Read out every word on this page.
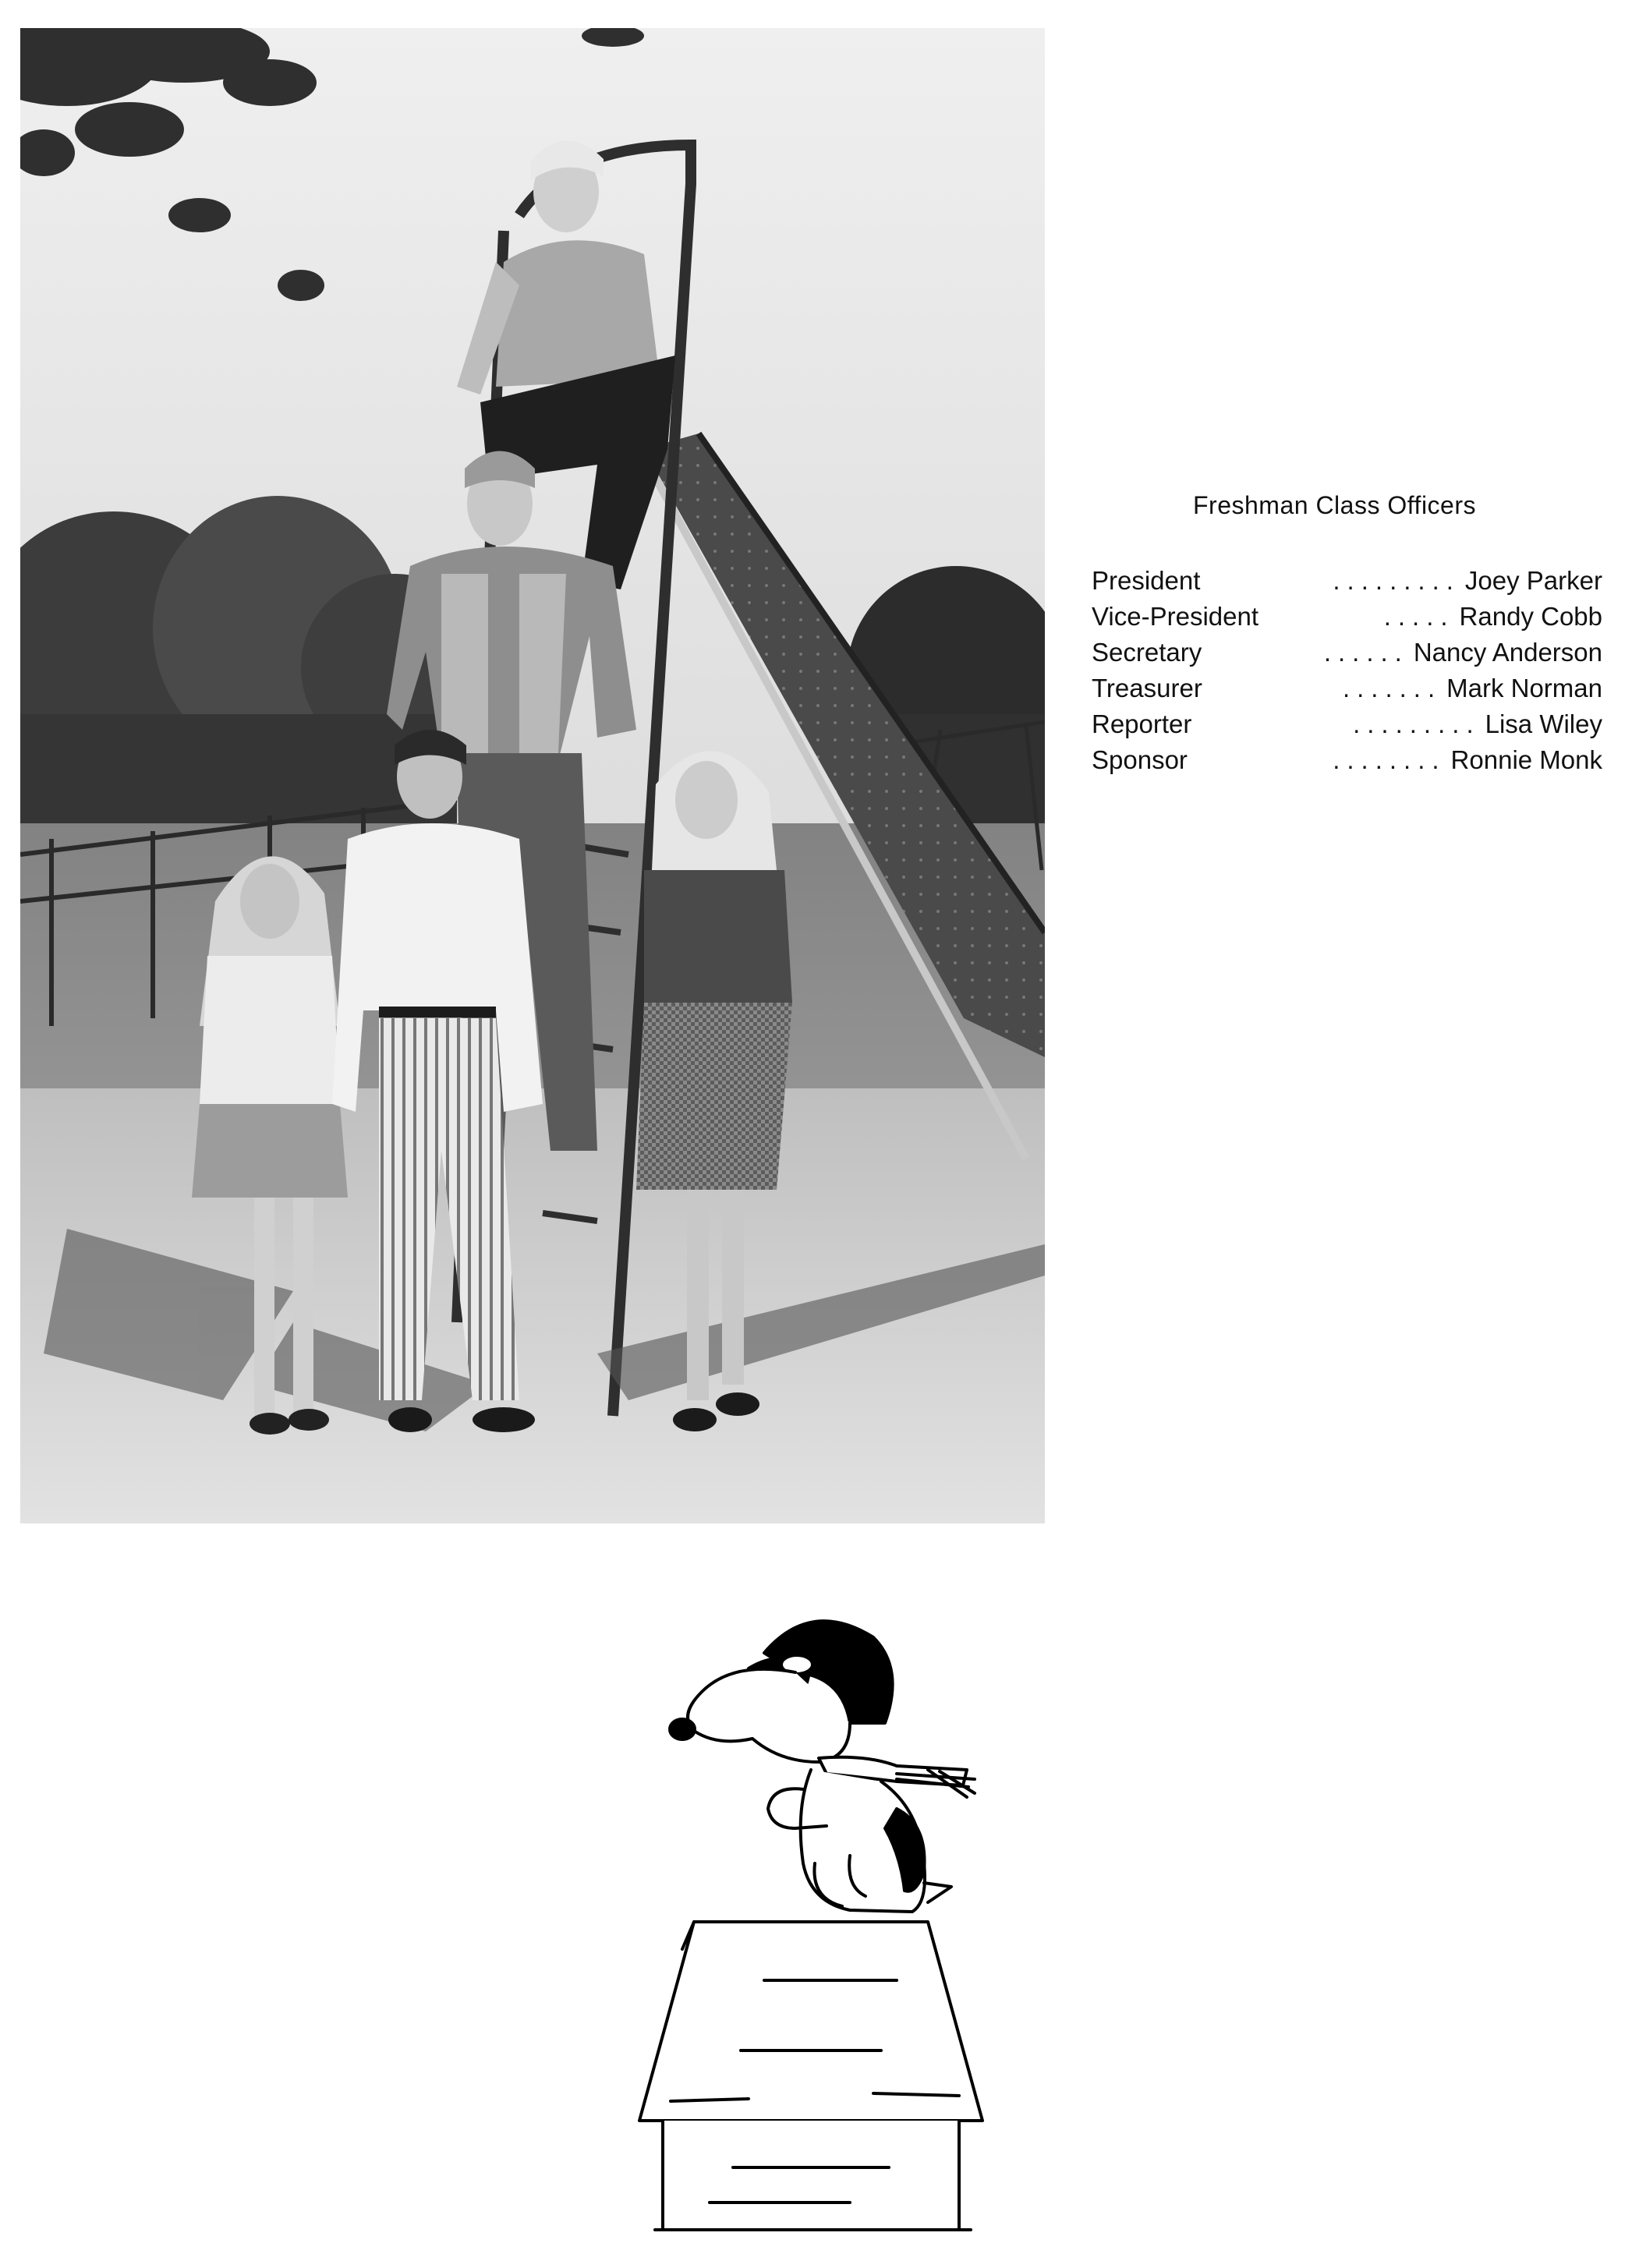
Freshman Class Officers
President	......... Joey Parker
Vice-President	..... Randy Cobb
Secretary	...... Nancy Anderson
Treasurer	....... Mark Norman
Reporter	......... Lisa Wiley
Sponsor	........ Ronnie Monk
